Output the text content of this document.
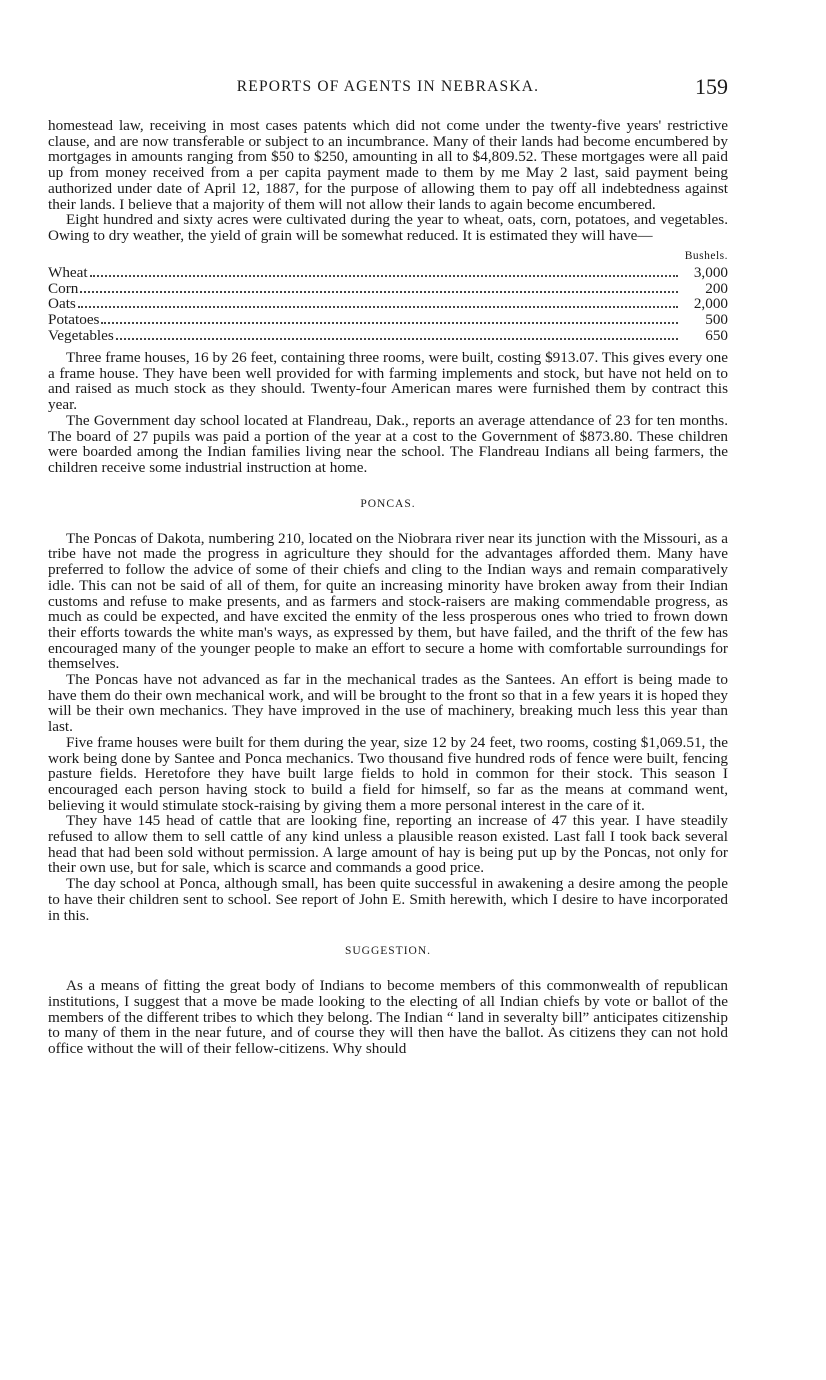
REPORTS OF AGENTS IN NEBRASKA.	159

homestead law, receiving in most cases patents which did not come under the twenty-five years' restrictive clause, and are now transferable or subject to an incumbrance. Many of their lands had become encumbered by mortgages in amounts ranging from $50 to $250, amounting in all to $4,809.52. These mortgages were all paid up from money received from a per capita payment made to them by me May 2 last, said payment being authorized under date of April 12, 1887, for the purpose of allowing them to pay off all indebtedness against their lands. I believe that a majority of them will not allow their lands to again become encumbered.

Eight hundred and sixty acres were cultivated during the year to wheat, oats, corn, potatoes, and vegetables. Owing to dry weather, the yield of grain will be somewhat reduced. It is estimated they will have—

Bushels.
Wheat	3,000
Corn	200
Oats	2,000
Potatoes	500
Vegetables	650

Three frame houses, 16 by 26 feet, containing three rooms, were built, costing $913.07. This gives every one a frame house. They have been well provided for with farming implements and stock, but have not held on to and raised as much stock as they should. Twenty-four American mares were furnished them by contract this year.

The Government day school located at Flandreau, Dak., reports an average attendance of 23 for ten months. The board of 27 pupils was paid a portion of the year at a cost to the Government of $873.80. These children were boarded among the Indian families living near the school. The Flandreau Indians all being farmers, the children receive some industrial instruction at home.

PONCAS.

The Poncas of Dakota, numbering 210, located on the Niobrara river near its junction with the Missouri, as a tribe have not made the progress in agriculture they should for the advantages afforded them. Many have preferred to follow the advice of some of their chiefs and cling to the Indian ways and remain comparatively idle. This can not be said of all of them, for quite an increasing minority have broken away from their Indian customs and refuse to make presents, and as farmers and stock-raisers are making commendable progress, as much as could be expected, and have excited the enmity of the less prosperous ones who tried to frown down their efforts towards the white man's ways, as expressed by them, but have failed, and the thrift of the few has encouraged many of the younger people to make an effort to secure a home with comfortable surroundings for themselves.

The Poncas have not advanced as far in the mechanical trades as the Santees. An effort is being made to have them do their own mechanical work, and will be brought to the front so that in a few years it is hoped they will be their own mechanics. They have improved in the use of machinery, breaking much less this year than last.

Five frame houses were built for them during the year, size 12 by 24 feet, two rooms, costing $1,069.51, the work being done by Santee and Ponca mechanics. Two thousand five hundred rods of fence were built, fencing pasture fields. Heretofore they have built large fields to hold in common for their stock. This season I encouraged each person having stock to build a field for himself, so far as the means at command went, believing it would stimulate stock-raising by giving them a more personal interest in the care of it.

They have 145 head of cattle that are looking fine, reporting an increase of 47 this year. I have steadily refused to allow them to sell cattle of any kind unless a plausible reason existed. Last fall I took back several head that had been sold without permission. A large amount of hay is being put up by the Poncas, not only for their own use, but for sale, which is scarce and commands a good price.

The day school at Ponca, although small, has been quite successful in awakening a desire among the people to have their children sent to school. See report of John E. Smith herewith, which I desire to have incorporated in this.

SUGGESTION.

As a means of fitting the great body of Indians to become members of this commonwealth of republican institutions, I suggest that a move be made looking to the electing of all Indian chiefs by vote or ballot of the members of the different tribes to which they belong. The Indian “ land in severalty bill” anticipates citizenship to many of them in the near future, and of course they will then have the ballot. As citizens they can not hold office without the will of their fellow-citizens. Why should
